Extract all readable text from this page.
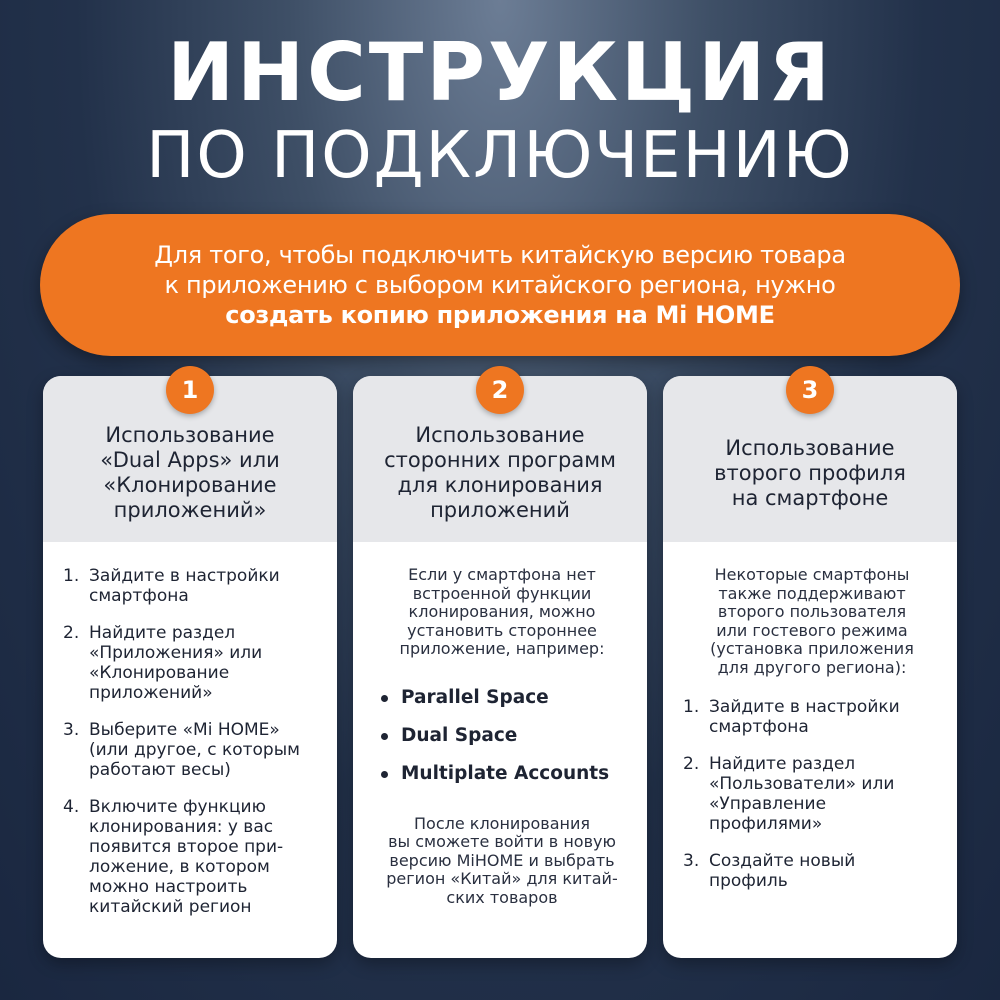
ИНСТРУКЦИЯ
ПО ПОДКЛЮЧЕНИЮ
Для того, чтобы подключить китайскую версию товара
к приложению с выбором китайского региона, нужно
создать копию приложения на Mi HOME
Использование
«Dual Apps» или
«Клонирование
приложений»
1. Зайдите в настройки
смартфона
2. Найдите раздел
«Приложения» или
«Клонирование
приложений»
3. Выберите «Mi HOME»
(или другое, с которым
работают весы)
4. Включите функцию
клонирования: у вас
появится второе при-
ложение, в котором
можно настроить
китайский регион
1
Использование
сторонних программ
для клонирования
приложений
Если у смартфона нет
встроенной функции
клонирования, можно
установить стороннее
приложение, например:
Parallel Space
Dual Space
Multiplate Accounts
После клонирования
вы сможете войти в новую
версию MiHOME и выбрать
регион «Китай» для китай-
ских товаров
2
Использование
второго профиля
на смартфоне
Некоторые смартфоны
также поддерживают
второго пользователя
или гостевого режима
(установка приложения
для другого региона):
1. Зайдите в настройки
смартфона
2. Найдите раздел
«Пользователи» или
«Управление
профилями»
3. Создайте новый
профиль
3
